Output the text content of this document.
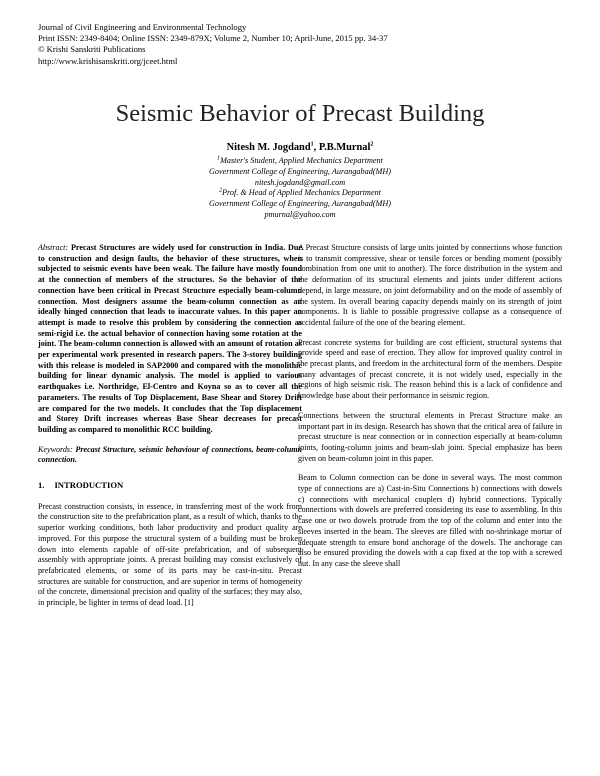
Journal of Civil Engineering and Environmental Technology
Print ISSN: 2349-8404; Online ISSN: 2349-879X; Volume 2, Number 10; April-June, 2015 pp. 34-37
© Krishi Sanskriti Publications
http://www.krishisanskriti.org/jceet.html
Seismic Behavior of Precast Building
Nitesh M. Jogdand$^1$, P.B.Murnal$^2$
$^1$Master's Student, Applied Mechanics Department
Government College of Engineering, Aurangabad(MH)
nitesh.jogdand@gmail.com
$^2$Prof. & Head of Applied Mechanics Department
Government College of Engineering, Aurangabad(MH)
pmurnal@yahoo.com

Abstract: Precast Structures are widely used for construction in India. Due to construction and design faults, the behavior of these structures, when subjected to seismic events have been weak. The failure have mostly found at the connection of members of the structures. So the behavior of the connection have been critical in Precast Structure especially beam-column connection. Most designers assume the beam-column connection as an ideally hinged connection that leads to inaccurate values. In this paper an attempt is made to resolve this problem by considering the connection as semi-rigid i.e. the actual behavior of connection having some rotation at the joint. The beam-column connection is allowed with an amount of rotation as per experimental work presented in research papers. The 3-storey building with this release is modeled in SAP2000 and compared with the monolithic building for linear dynamic analysis. The model is applied to various earthquakes i.e. Northridge, El-Centro and Koyna so as to cover all the parameters. The results of Top Displacement, Base Shear and Storey Drift are compared for the two models. It concludes that the Top displacement and Storey Drift increases whereas Base Shear decreases for precast building as compared to monolithic RCC building.

Keywords: Precast Structure, seismic behaviour of connections, beam-column connection.

1. INTRODUCTION

Precast construction consists, in essence, in transferring most of the work from the construction site to the prefabrication plant, as a result of which, thanks to the superior working conditions, both labor productivity and product quality are improved. For this purpose the structural system of a building must be broken down into elements capable of off-site prefabrication, and of subsequent assembly with appropriate joints. A precast building may consist exclusively of prefabricated elements, or some of its parts may be cast-in-situ. Precast structures are suitable for construction, and are superior in terms of homogeneity of the concrete, dimensional precision and quality of the surfaces; they may also, in principle, be lighter in terms of dead load. [1]

A Precast Structure consists of large units jointed by connections whose function is to transmit compressive, shear or tensile forces or bending moment (possibly combination from one unit to another). The force distribution in the system and the deformation of its structural elements and joints under different actions depend, in large measure, on joint deformability and on the mode of assembly of the system. Its overall bearing capacity depends mainly on its strength of joint components. It is liable to possible progressive collapse as a consequence of accidental failure of the one of the bearing element.

Precast concrete systems for building are cost efficient, structural systems that provide speed and ease of erection. They allow for improved quality control in the precast plants, and freedom in the architectural form of the members. Despite many advantages of precast concrete, it is not widely used, especially in the regions of high seismic risk. The reason behind this is a lack of confidence and knowledge base about their performance in seismic region.

Connections between the structural elements in Precast Structure make an important part in its design. Research has shown that the critical area of failure in precast structure is near connection or in connection especially at beam-column joints, footing-column joints and beam-slab joint. Special emphasize has been given on beam-column joint in this paper.

Beam to Column connection can be done in several ways. The most common type of connections are a) Cast-in-Situ Connections b) connections with dowels c) connections with mechanical couplers d) hybrid connections. Typically connections with dowels are preferred considering its ease to assembling. In this case one or two dowels protrude from the top of the column and enter into the sleeves inserted in the beam. The sleeves are filled with no-shrinkage mortar of adequate strength to ensure bond anchorage of the dowels. The anchorage can also be ensured providing the dowels with a cap fixed at the top with a screwed nut. In any case the sleeve shall
